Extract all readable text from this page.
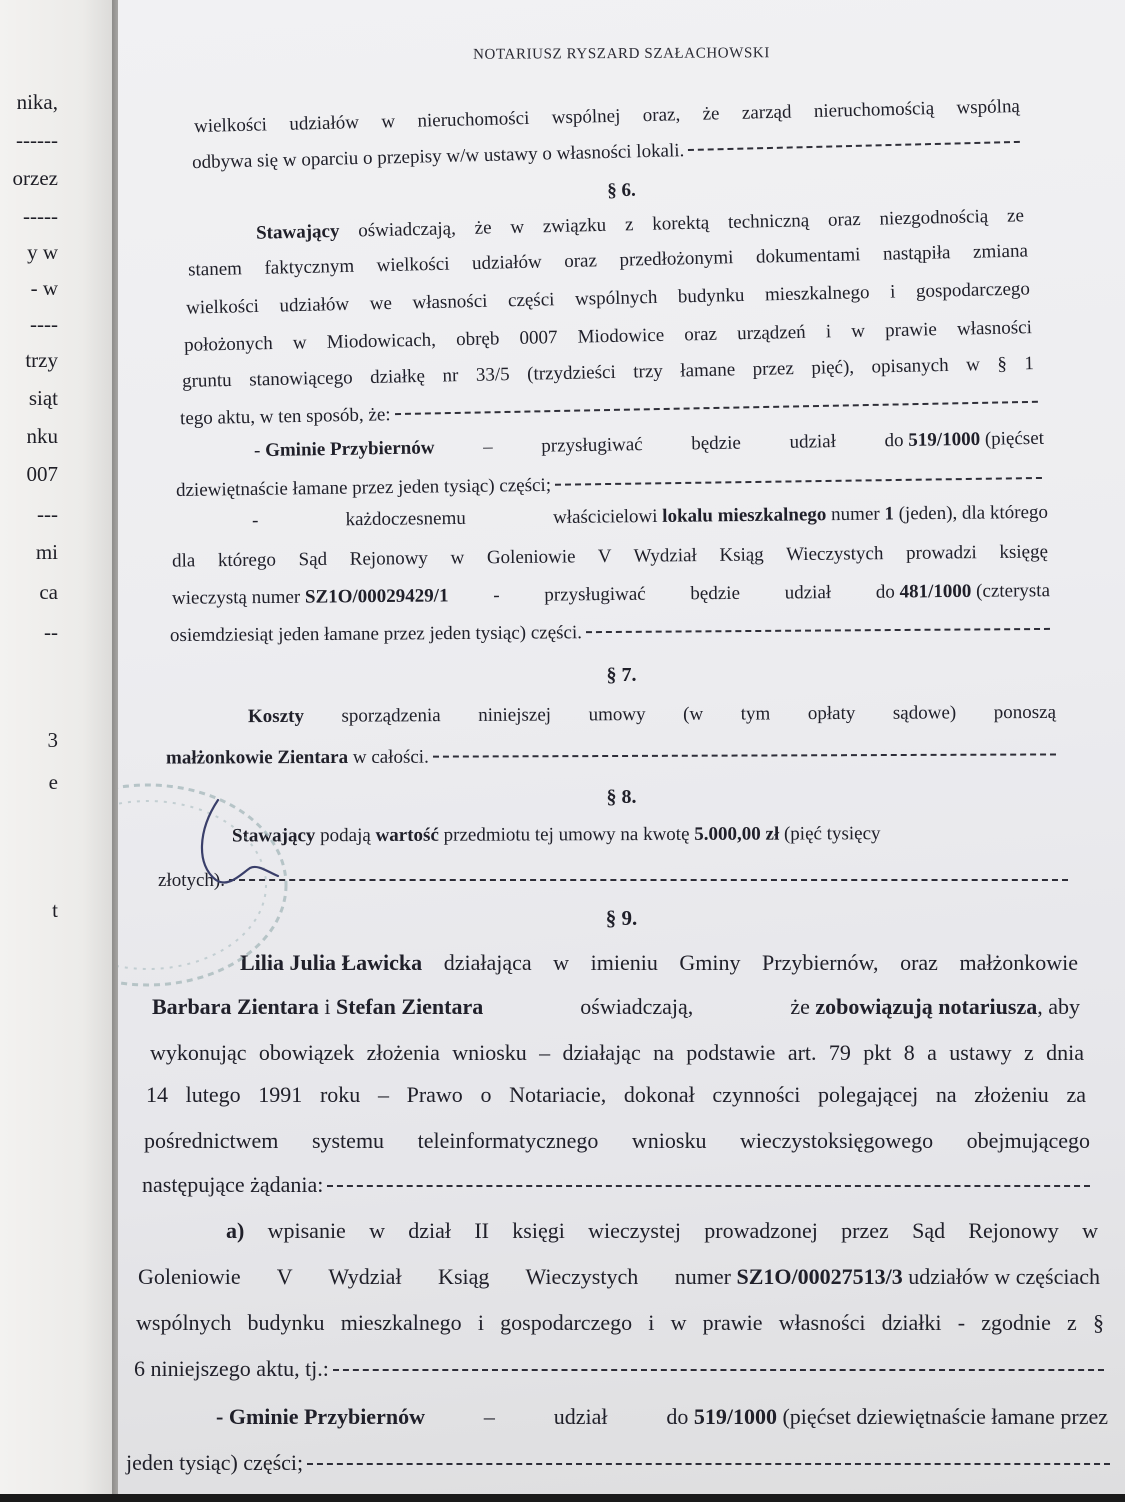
nika,
------
orzez
-----
y w
- w
----
trzy
siąt
nku
007
---
mi
ca
--
3
e
t
NOTARIUSZ RYSZARD SZAŁACHOWSKI
wielkości udziałów w nieruchomości wspólnej oraz, że zarząd nieruchomością wspólną
odbywa się w oparciu o przepisy w/w ustawy o własności lokali.
§ 6.
Stawający oświadczają, że w związku z korektą techniczną oraz niezgodnością ze
stanem faktycznym wielkości udziałów oraz przedłożonymi dokumentami nastąpiła zmiana
wielkości udziałów we własności części wspólnych budynku mieszkalnego i gospodarczego
położonych w Miodowicach, obręb 0007 Miodowice oraz urządzeń i w prawie własności
gruntu stanowiącego działkę nr 33/5 (trzydzieści trzy łamane przez pięć), opisanych w § 1
tego aktu, w ten sposób, że:
- Gminie Przybiernów – przysługiwać będzie udział do 519/1000 (pięćset
dziewiętnaście łamane przez jeden tysiąc) części;
- każdoczesnemu właścicielowi lokalu mieszkalnego numer 1 (jeden), dla którego
dla którego Sąd Rejonowy w Goleniowie V Wydział Ksiąg Wieczystych prowadzi księgę
wieczystą numer SZ1O/00029429/1 - przysługiwać będzie udział do 481/1000 (czterysta
osiemdziesiąt jeden łamane przez jeden tysiąc) części.
§ 7.
Koszty sporządzenia niniejszej umowy (w tym opłaty sądowe) ponoszą
małżonkowie Zientara w całości.
§ 8.
Stawający podają wartość przedmiotu tej umowy na kwotę 5.000,00 zł (pięć tysięcy
złotych).
§ 9.
Lilia Julia Ławicka działająca w imieniu Gminy Przybiernów, oraz małżonkowie
Barbara Zientara i Stefan Zientara oświadczają, że zobowiązują notariusza , aby
wykonując obowiązek złożenia wniosku – działając na podstawie art. 79 pkt 8 a ustawy z dnia
14 lutego 1991 roku – Prawo o Notariacie, dokonał czynności polegającej na złożeniu za
pośrednictwem systemu teleinformatycznego wniosku wieczystoksięgowego obejmującego
następujące żądania:
a) wpisanie w dział II księgi wieczystej prowadzonej przez Sąd Rejonowy w
Goleniowie V Wydział Ksiąg Wieczystych numer SZ1O/00027513/3 udziałów w częściach
wspólnych budynku mieszkalnego i gospodarczego i w prawie własności działki - zgodnie z §
6 niniejszego aktu, tj.:
- Gminie Przybiernów – udział do 519/1000 (pięćset dziewiętnaście łamane przez
jeden tysiąc) części;
